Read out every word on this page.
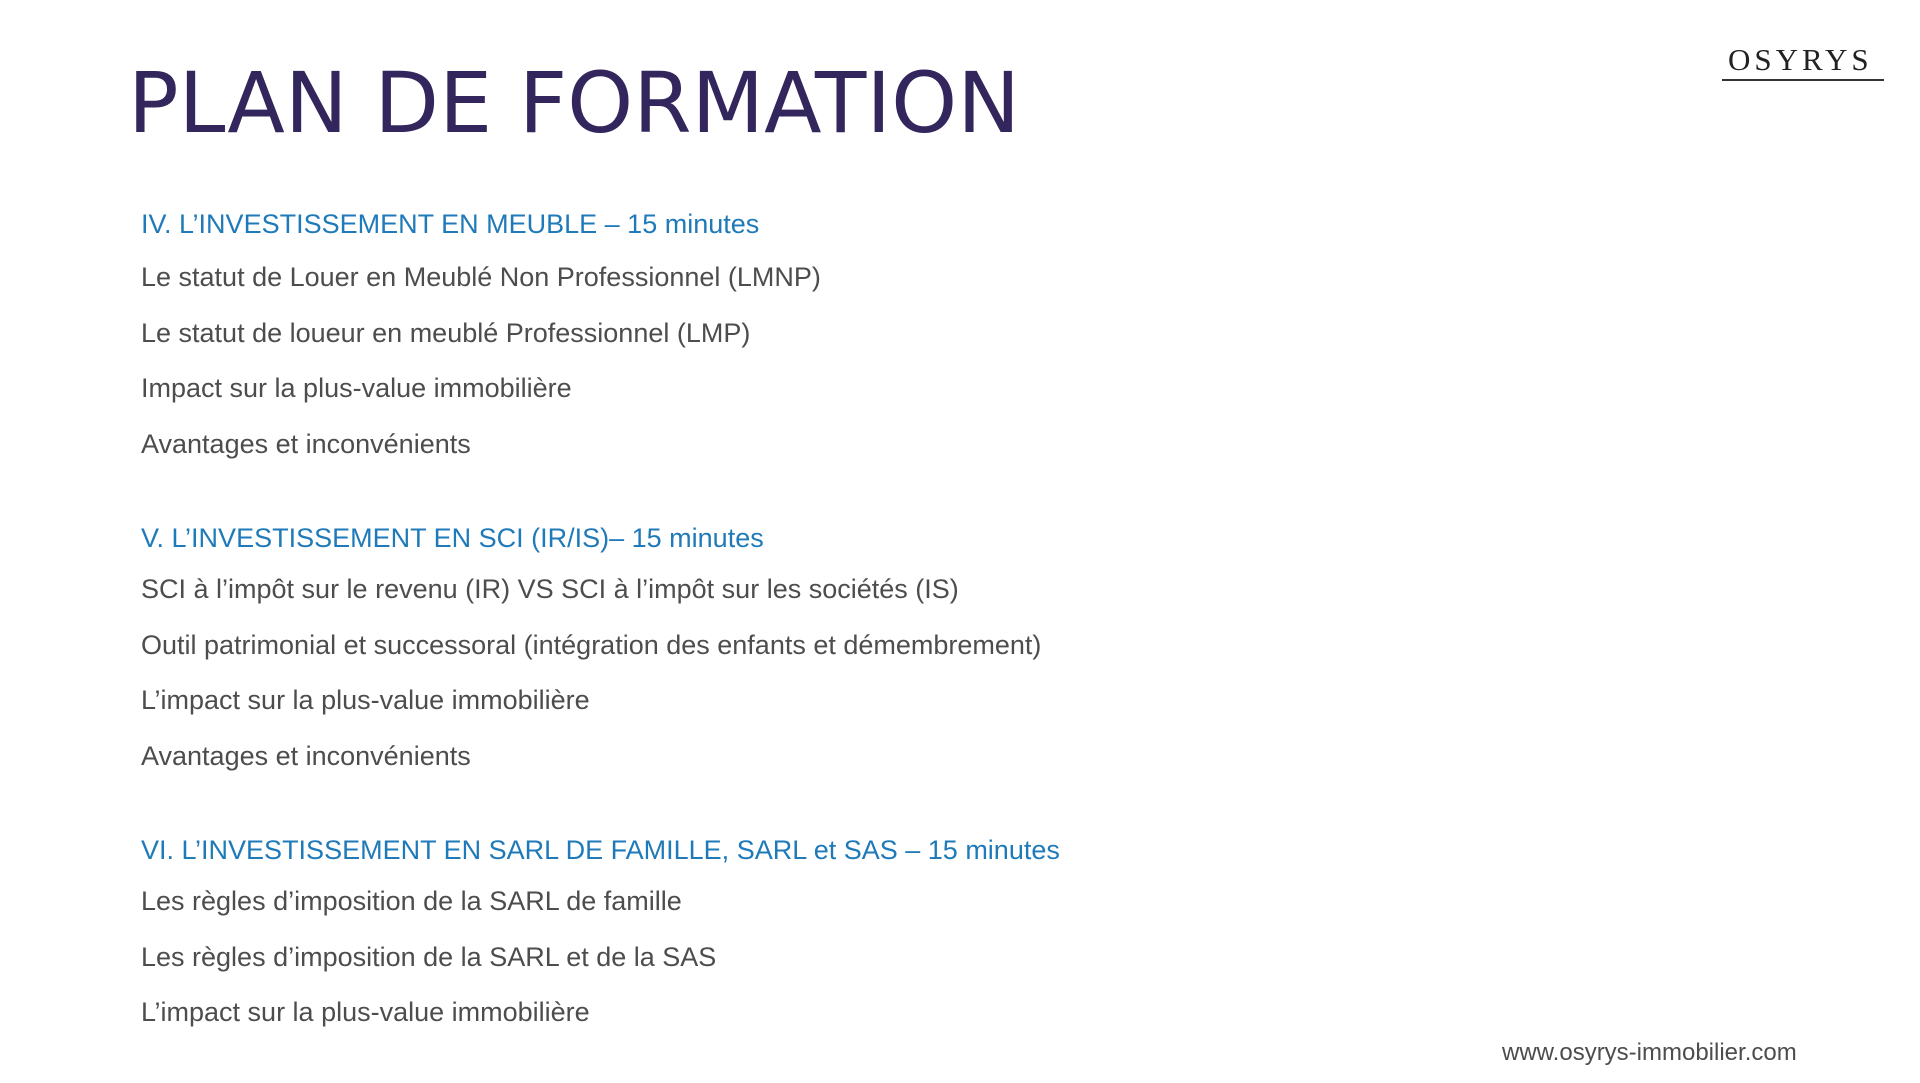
PLAN DE FORMATION	OSYRYS
IV. L’INVESTISSEMENT EN MEUBLE – 15 minutes
Le statut de Louer en Meublé Non Professionnel (LMNP)
Le statut de loueur en meublé Professionnel (LMP)
Impact sur la plus-value immobilière
Avantages et inconvénients
V. L’INVESTISSEMENT EN SCI (IR/IS)– 15 minutes
SCI à l’impôt sur le revenu (IR) VS SCI à l’impôt sur les sociétés (IS)
Outil patrimonial et successoral (intégration des enfants et démembrement)
L’impact sur la plus-value immobilière
Avantages et inconvénients
VI. L’INVESTISSEMENT EN SARL DE FAMILLE, SARL et SAS – 15 minutes
Les règles d’imposition de la SARL de famille
Les règles d’imposition de la SARL et de la SAS
L’impact sur la plus-value immobilière
www.osyrys-immobilier.com
